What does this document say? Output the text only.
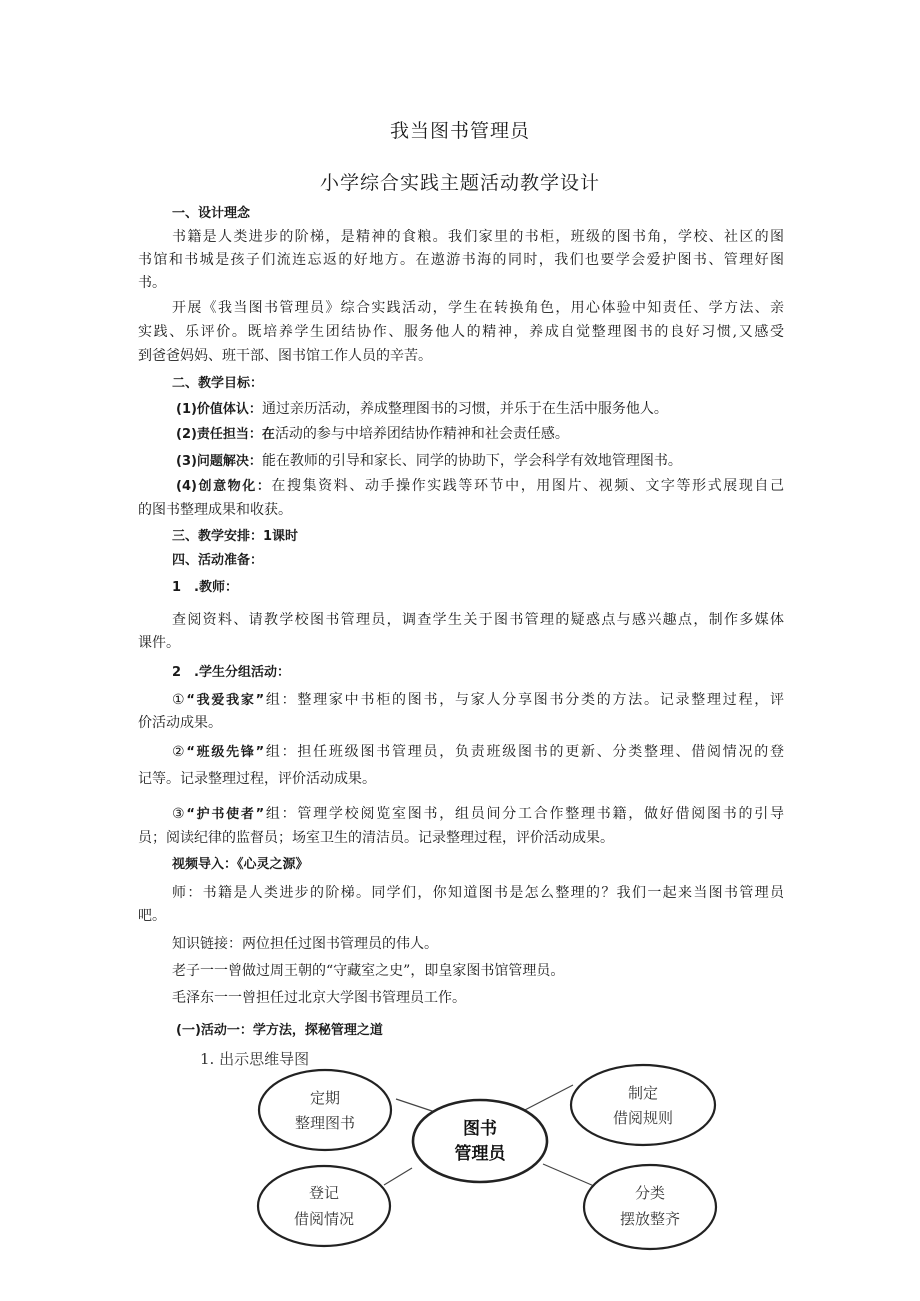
我当图书管理员
小学综合实践主题活动教学设计
一、设计理念
书籍是人类进步的阶梯，是精神的食粮。我们家里的书柜，班级的图书角，学校、社区的图
书馆和书城是孩子们流连忘返的好地方。在遨游书海的同时，我们也要学会爱护图书、管理好图
书。
开展《我当图书管理员》综合实践活动，学生在转换角色，用心体验中知责任、学方法、亲
实践、乐评价。既培养学生团结协作、服务他人的精神，养成自觉整理图书的良好习惯,又感受
到爸爸妈妈、班干部、图书馆工作人员的辛苦。
二、教学目标：
(1)价值体认：通过亲历活动，养成整理图书的习惯，并乐于在生活中服务他人。
(2)责任担当：在活动的参与中培养团结协作精神和社会责任感。
(3)问题解决：能在教师的引导和家长、同学的协助下，学会科学有效地管理图书。
(4)创意物化：在搜集资料、动手操作实践等环节中，用图片、视频、文字等形式展现自己
的图书整理成果和收获。
三、教学安排：1课时
四、活动准备：
1　.教师：
查阅资料、请教学校图书管理员，调查学生关于图书管理的疑惑点与感兴趣点，制作多媒体
课件。
2　.学生分组活动：
①“我爱我家”组：整理家中书柜的图书，与家人分享图书分类的方法。记录整理过程，评
价活动成果。
②“班级先锋”组：担任班级图书管理员，负责班级图书的更新、分类整理、借阅情况的登
记等。记录整理过程，评价活动成果。
③“护书使者”组：管理学校阅览室图书，组员间分工合作整理书籍，做好借阅图书的引导
员；阅读纪律的监督员；场室卫生的清洁员。记录整理过程，评价活动成果。
视频导入：《心灵之源》
师：书籍是人类进步的阶梯。同学们，你知道图书是怎么整理的？我们一起来当图书管理员
吧。
知识链接：两位担任过图书管理员的伟人。
老子一一曾做过周王朝的“守藏室之史”，即皇家图书馆管理员。
毛泽东一一曾担任过北京大学图书管理员工作。
(一)活动一：学方法，探秘管理之道
1. 出示思维导图
定期
整理图书
制定
借阅规则
登记
借阅情况
分类
摆放整齐
图书
管理员
